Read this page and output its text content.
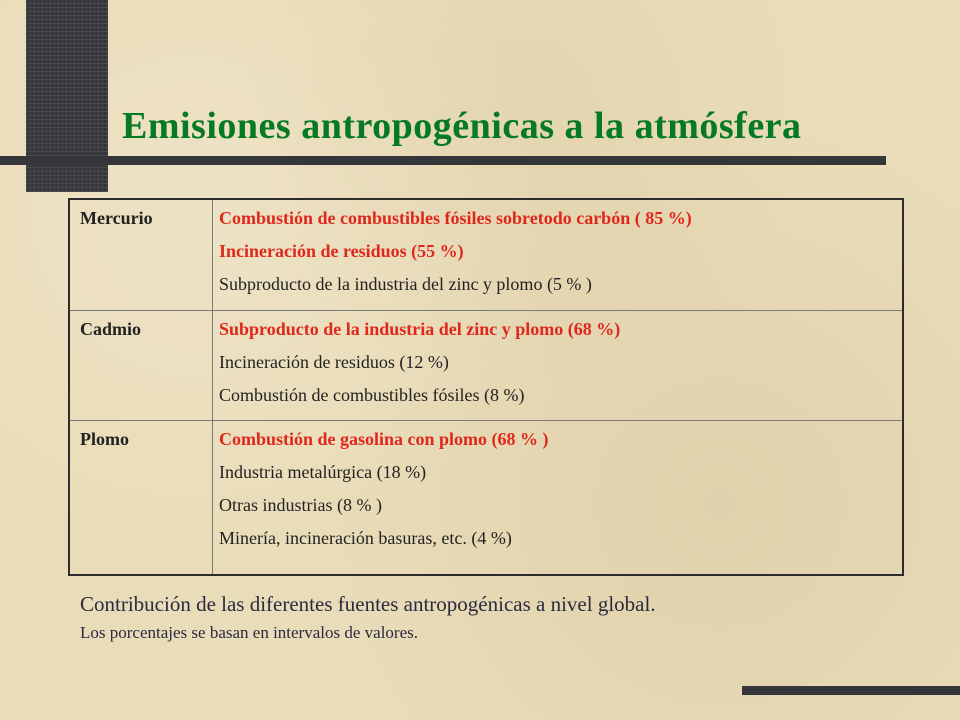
Emisiones antropogénicas a la atmósfera
Mercurio	Combustión de combustibles fósiles sobretodo carbón ( 85 %)
Incineración de residuos (55 %)
Subproducto de la industria del zinc y plomo (5 % )

Cadmio	Subproducto de la industria del zinc y plomo (68 %)
Incineración de residuos (12 %)
Combustión de combustibles fósiles (8 %)

Plomo	Combustión de gasolina con plomo (68 % )
Industria metalúrgica (18 %)
Otras industrias (8 % )
Minería, incineración basuras, etc. (4 %)
Contribución de las diferentes fuentes antropogénicas a nivel global.
Los porcentajes se basan en intervalos de valores.
